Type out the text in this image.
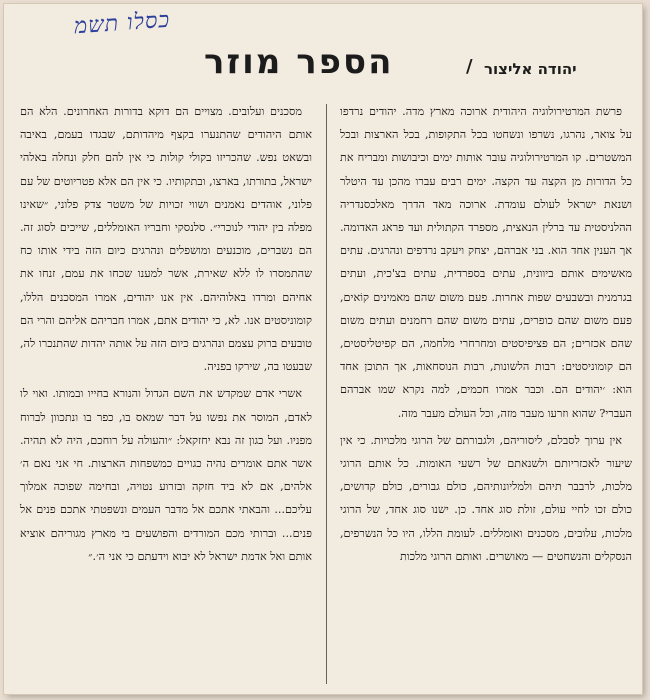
כסלו תשמ
יהודה אליצור
/
הספר מוזר

פרשת המרטירולוגיה היהודית ארוכה מארץ מדה. יהודים נרדפו על צואר, נהרגו, נשרפו ונשחטו בכל התקופות, בכל הארצות ובכל המשטרים. קו המרטירולוגיה עובר אותות ימים וכיבושות ומבריח את כל הדורות מן הקצה עד הקצה. ימים רבים עברו מהכן עד היטלר ושנאת ישראל לעולם עומדת. ארוכה מאד הדרך מאלכסנדריה ההלניסטית עד ברלין הנאצית, מספרד הקתולית ועד פראג האדומה. אך הענין אחד הוא. בני אברהם, יצחק ויעקב נרדפים ונהרגים. עתים מאשימים אותם ביוונית, עתים בספרדית, עתים בצ'כית, ועתים בגרמנית ובשבעים שפות אחרות. פעם משום שהם מאמינים קוֹאים, פעם משום שהם כופרים, עתים משום שהם רחמנים ועתים משום שהם אכזרים; הם פציפיסטים ומחרחרי מלחמה, הם קפיטליסטים, הם קומוניסטים: רבות הלשונות, רבות הנוסחאות, אך התוכן אחד הוא: ׳יהודים הם. וכבר אמרו חכמים, למה נקרא שמו אברהם העברי? שהוא וזרעו מעבר מזה, וכל העולם מעבר מזה.

אין ערוך לסבלם, ליסוריהם, ולגבורתם של הרוגי מלכויות. כי אין שיעור לאכזריותם ולשנאתם של רשעי האומות. כל אותם הרוגי מלכות, לרבבר תיהם ולמליונותיהם, כולם גבורים, כולם קדושים, כולם זכו לחיי עולם, זולת סוג אחד. כן. ישנו סוג אחד, של הרוגי מלכות, עלובים, מסכנים ואומללים. לעומת הללו, היו כל הנשרפים, הנסקלים והנשחטים — מאושרים. ואותם הרוגי מלכות

מסכנים ועלובים. מצויים הם דוקא בדורות האחרונים. הלא הם אותם היהודים שהתנערו בקצף מיהדותם, שבגדו בעמם, באיבה ובשאט נפש. שהכריזו בקולי קולות כי אין להם חלק ונחלה באלהי ישראל, בתורתו, בארצו, ובתקותיו. כי אין הם אלא פטריוטים של עם פלוני, אוהדים נאמנים ושווי זכויות של משטר צדק פלוני, ״שאינו מפלה בין יהודי לנוכרי״. סלנסקי וחבריו האומללים, שייכים לסוג זה. הם נשברים, מוכנעים ומושפלים ונהרגים כיום הזה בידי אותו כח שהתמסרו לו ללא שאירת, אשר למענו שכחו את עמם, זנחו את אחיהם ומרדו באלוהיהם. אין אנו יהודים, אמרו המסכנים הללו, קומוניסטים אנו. לא, כי יהודים אתם, אמרו חבריהם אליהם והרי הם טובעים ברוק עצמם ונהרגים כיום הזה על אותה יהדות שהתנכרו לה, שבעטו בה, שירקו בפניה.

אשרי אדם שמקדש את השם הגדול והנורא בחייו ובמותו. ואוי לו לאדם, המוסר את נפשו על דבר שמאס בו, כפר בו ונתכוון לברוח מפניו. ועל כגון זה נבא יחזקאל: ״והעולה על רוחכם, היה לא תהיה. אשר אתם אומרים נהיה כגויים כמשפחות הארצות. חי אני נאם ה׳ אלהים, אם לא ביד חזקה ובזרוע נטויה, ובחימה שפוכה אמלוך עליכם... והבאתי אתכם אל מדבר העמים ונשפטתי אתכם פנים אל פנים... וברותי מכם המורדים והפושעים בי מארץ מגוריהם אוציא אותם ואל אדמת ישראל לא יבוא וידעתם כי אני ה׳.״
